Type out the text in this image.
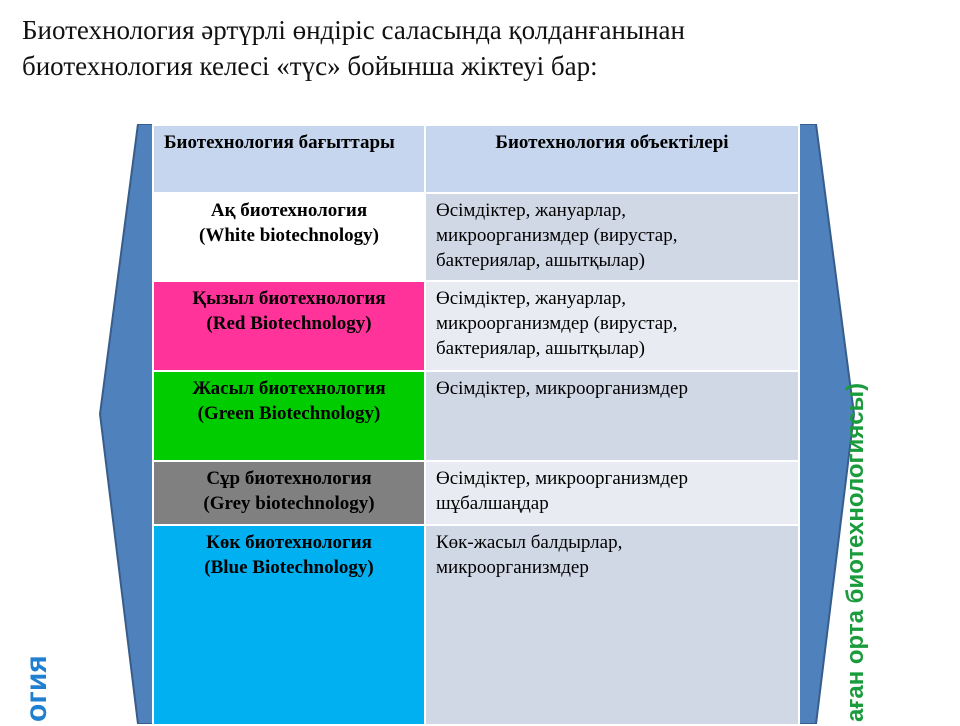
Биотехнология әртүрлі өндіріс саласында қолданғанынан
биотехнология келесі «түс» бойынша жіктеуі бар:
огия	аған орта биотехнологиясы)
Биотехнология бағыттары	Биотехнология объектілері

Ақ биотехнология
(White biotechnology)	Өсімдіктер, жануарлар,
микроорганизмдер (вирустар,
бактериялар, ашытқылар)

Қызыл биотехнология
(Red Biotechnology)	Өсімдіктер, жануарлар,
микроорганизмдер (вирустар,
бактериялар, ашытқылар)

Жасыл биотехнология
(Green Biotechnology)	Өсімдіктер, микроорганизмдер

Сұр биотехнология
(Grey biotechnology)	Өсімдіктер, микроорганизмдер
шұбалшаңдар

Көк биотехнология
(Blue Biotechnology)	Көк-жасыл балдырлар,
микроорганизмдер
